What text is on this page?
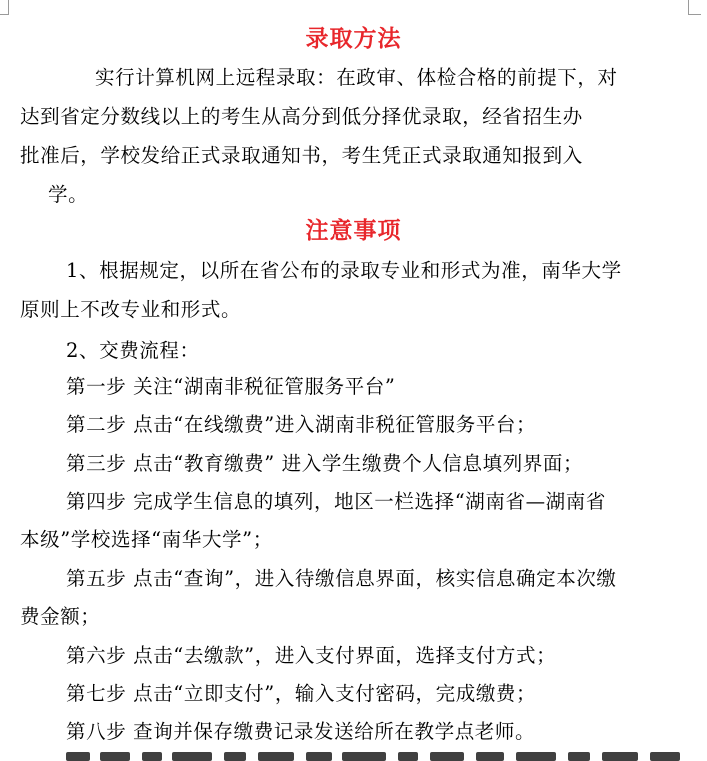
录取方法
实行计算机网上远程录取：在政审、体检合格的前提下，对
达到省定分数线以上的考生从高分到低分择优录取，经省招生办
批准后，学校发给正式录取通知书，考生凭正式录取通知报到入
学。
注意事项
1、根据规定，以所在省公布的录取专业和形式为准，南华大学
原则上不改专业和形式。
2、交费流程：
第一步 关注“湖南非税征管服务平台”
第二步 点击“在线缴费”进入湖南非税征管服务平台；
第三步 点击“教育缴费” 进入学生缴费个人信息填列界面；
第四步 完成学生信息的填列，地区一栏选择“湖南省—湖南省
本级”学校选择“南华大学”；
第五步 点击“查询”，进入待缴信息界面，核实信息确定本次缴
费金额；
第六步 点击“去缴款”，进入支付界面，选择支付方式；
第七步 点击“立即支付”，输入支付密码，完成缴费；
第八步 查询并保存缴费记录发送给所在教学点老师。
